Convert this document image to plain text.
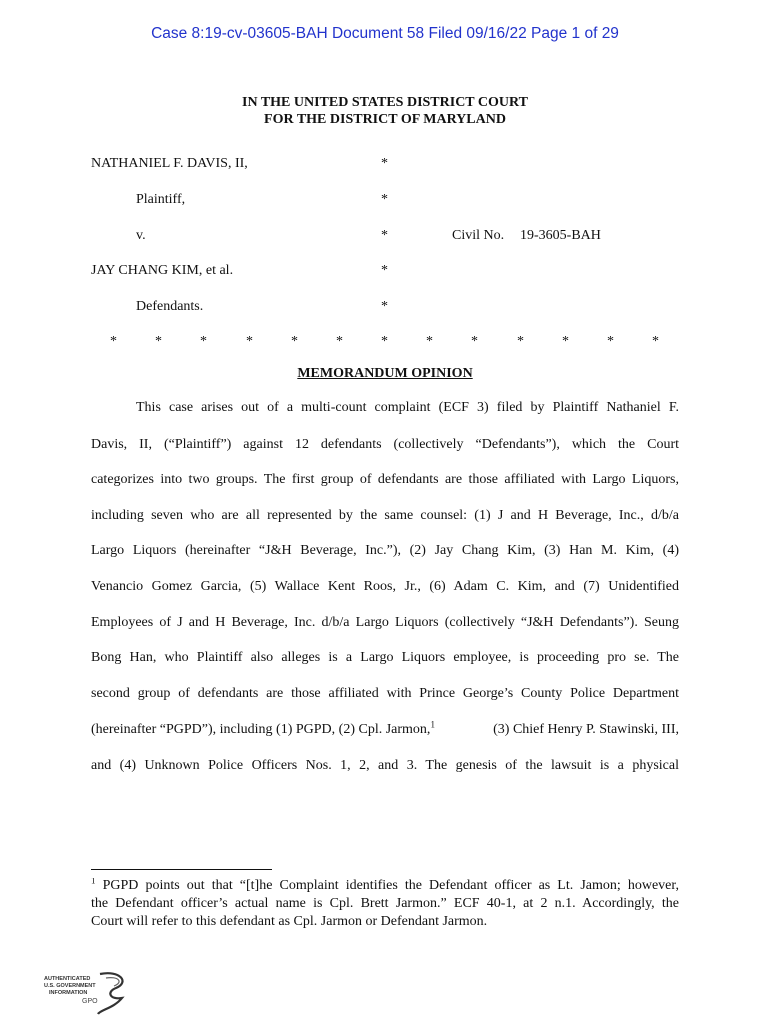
Case 8:19-cv-03605-BAH Document 58 Filed 09/16/22 Page 1 of 29
IN THE UNITED STATES DISTRICT COURT
FOR THE DISTRICT OF MARYLAND
NATHANIEL F. DAVIS, II,	*
Plaintiff,	*
v.	*	Civil No. 19-3605-BAH
JAY CHANG KIM, et al.	*
Defendants.	*
*	*	*	*	*	*	*	*	*	*	*	*	*
MEMORANDUM OPINION
This case arises out of a multi-count complaint (ECF 3) filed by Plaintiff Nathaniel F.
Davis, II, (“Plaintiff”) against 12 defendants (collectively “Defendants”), which the Court
categorizes into two groups. The first group of defendants are those affiliated with Largo Liquors,
including seven who are all represented by the same counsel: (1) J and H Beverage, Inc., d/b/a
Largo Liquors (hereinafter “J&H Beverage, Inc.”), (2) Jay Chang Kim, (3) Han M. Kim, (4)
Venancio Gomez Garcia, (5) Wallace Kent Roos, Jr., (6) Adam C. Kim, and (7) Unidentified
Employees of J and H Beverage, Inc. d/b/a Largo Liquors (collectively “J&H Defendants”). Seung
Bong Han, who Plaintiff also alleges is a Largo Liquors employee, is proceeding pro se. The
second group of defendants are those affiliated with Prince George’s County Police Department
(hereinafter “PGPD”), including (1) PGPD, (2) Cpl. Jarmon,$^1$	(3) Chief Henry P. Stawinski, III,
and (4) Unknown Police Officers Nos. 1, 2, and 3. The genesis of the lawsuit is a physical
$^1$ PGPD points out that “[t]he Complaint identifies the Defendant officer as Lt. Jamon; however,
the Defendant officer’s actual name is Cpl. Brett Jarmon.” ECF 40-1, at 2 n.1. Accordingly, the
Court will refer to this defendant as Cpl. Jarmon or Defendant Jarmon.
AUTHENTICATED
U.S. GOVERNMENT
INFORMATION
GPO
